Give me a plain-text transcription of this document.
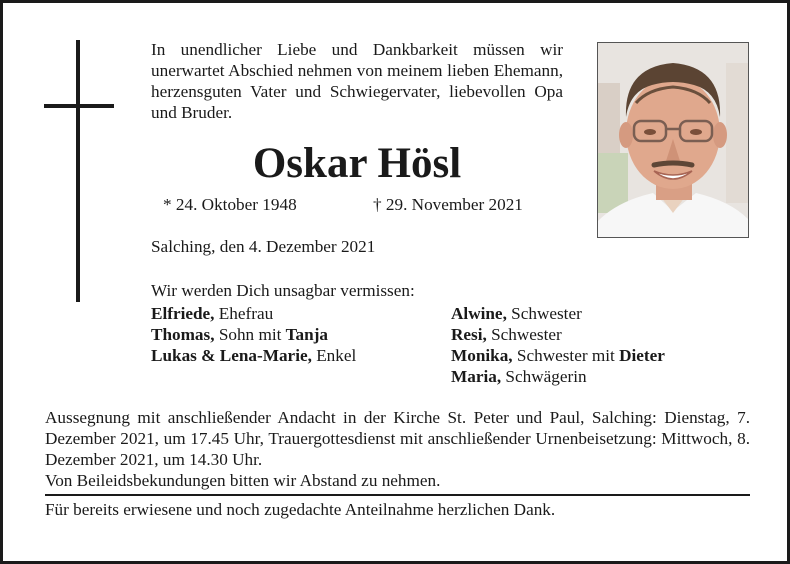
In unendlicher Liebe und Dankbarkeit müssen wir unerwartet Abschied nehmen von meinem lieben Ehemann, herzensguten Vater und Schwiegervater, liebevollen Opa und Bruder.
Oskar Hösl
* 24. Oktober 1948	† 29. November 2021
Salching, den 4. Dezember 2021
Wir werden Dich unsagbar vermissen:
Elfriede, Ehefrau
Thomas, Sohn mit Tanja
Lukas & Lena-Marie, Enkel
Alwine, Schwester
Resi, Schwester
Monika, Schwester mit Dieter
Maria, Schwägerin
Aussegnung mit anschließender Andacht in der Kirche St. Peter und Paul, Salching: Dienstag, 7. Dezember 2021, um 17.45 Uhr, Trauergottesdienst mit anschließender Urnenbeisetzung: Mittwoch, 8. Dezember 2021, um 14.30 Uhr.
Von Beileidsbekundungen bitten wir Abstand zu nehmen.
Für bereits erwiesene und noch zugedachte Anteilnahme herzlichen Dank.
